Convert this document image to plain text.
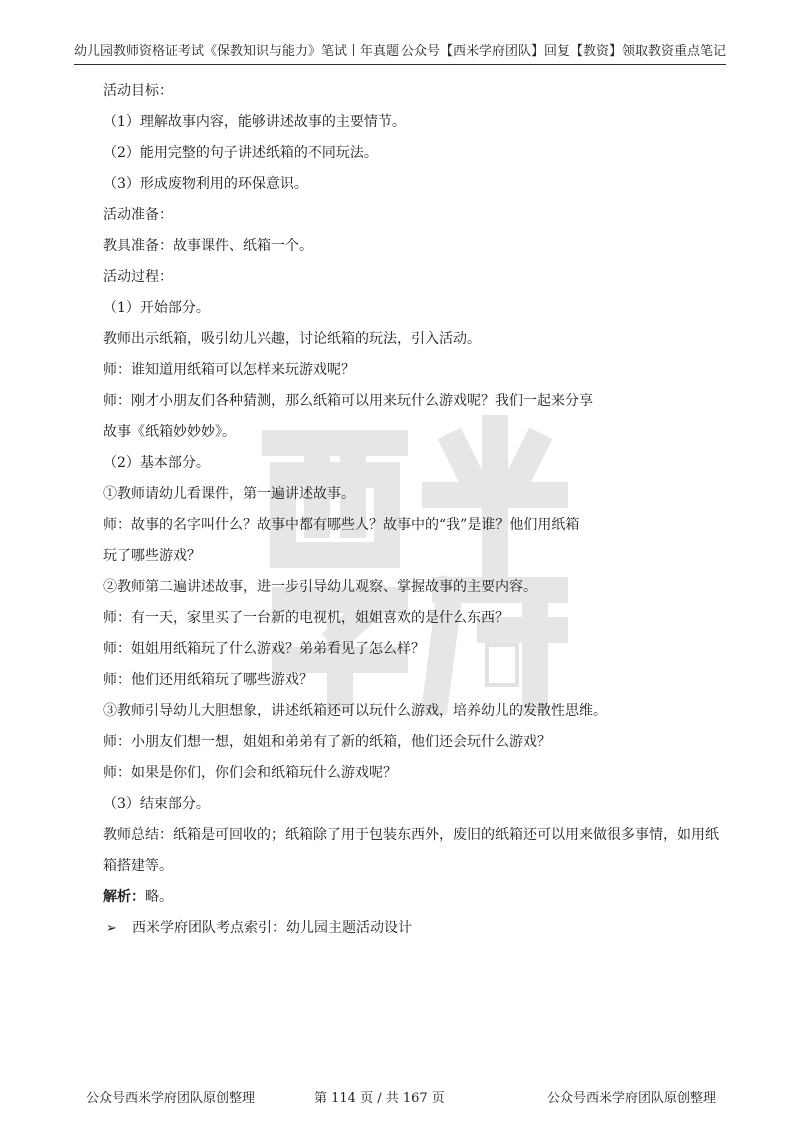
幼儿园教师资格证考试《保教知识与能力》笔试丨年真题 公众号【西米学府团队】回复【教资】领取教资重点笔记
活动目标：
（1）理解故事内容，能够讲述故事的主要情节。
（2）能用完整的句子讲述纸箱的不同玩法。
（3）形成废物利用的环保意识。
活动准备：
教具准备：故事课件、纸箱一个。
活动过程：
（1）开始部分。
教师出示纸箱，吸引幼儿兴趣，讨论纸箱的玩法，引入活动。
师：谁知道用纸箱可以怎样来玩游戏呢？
师：刚才小朋友们各种猜测，那么纸箱可以用来玩什么游戏呢？我们一起来分享
故事《纸箱妙妙妙》。
（2）基本部分。
①教师请幼儿看课件，第一遍讲述故事。
师：故事的名字叫什么？故事中都有哪些人？故事中的“我”是谁？他们用纸箱
玩了哪些游戏？
②教师第二遍讲述故事，进一步引导幼儿观察、掌握故事的主要内容。
师：有一天，家里买了一台新的电视机，姐姐喜欢的是什么东西？
师：姐姐用纸箱玩了什么游戏？弟弟看见了怎么样？
师：他们还用纸箱玩了哪些游戏？
③教师引导幼儿大胆想象，讲述纸箱还可以玩什么游戏，培养幼儿的发散性思维。
师：小朋友们想一想，姐姐和弟弟有了新的纸箱，他们还会玩什么游戏？
师：如果是你们，你们会和纸箱玩什么游戏呢？
（3）结束部分。
教师总结：纸箱是可回收的；纸箱除了用于包装东西外，废旧的纸箱还可以用来做很多事情，如用纸箱搭建等。
解析：略。
➢ 西米学府团队考点索引：幼儿园主题活动设计
公众号西米学府团队原创整理	第 114 页 / 共 167 页	公众号西米学府团队原创整理
